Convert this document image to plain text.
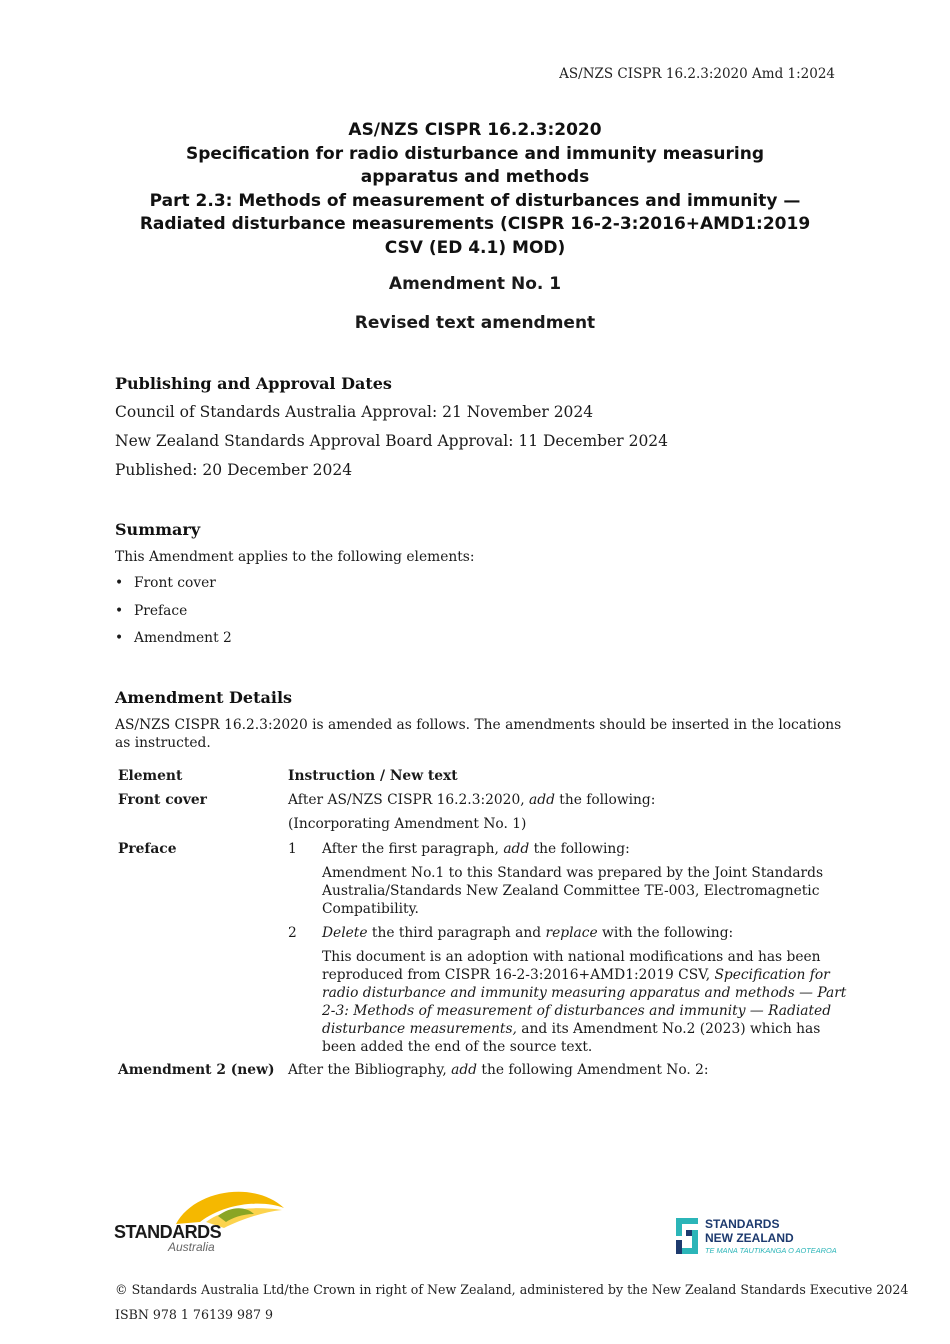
AS/NZS CISPR 16.2.3:2020 Amd 1:2024
AS/NZS CISPR 16.2.3:2020
Specification for radio disturbance and immunity measuring
apparatus and methods
Part 2.3: Methods of measurement of disturbances and immunity —
Radiated disturbance measurements (CISPR 16-2-3:2016+AMD1:2019
CSV (ED 4.1) MOD)
Amendment No. 1
Revised text amendment
Publishing and Approval Dates
Council of Standards Australia Approval: 21 November 2024
New Zealand Standards Approval Board Approval: 11 December 2024
Published: 20 December 2024
Summary
This Amendment applies to the following elements:
• Front cover
• Preface
• Amendment 2
Amendment Details
AS/NZS CISPR 16.2.3:2020 is amended as follows. The amendments should be inserted in the locations
as instructed.
Element	Instruction / New text
Front cover	After AS/NZS CISPR 16.2.3:2020, add the following:
(Incorporating Amendment No. 1)
Preface	1 After the first paragraph, add the following:
Amendment No.1 to this Standard was prepared by the Joint Standards
Australia/Standards New Zealand Committee TE-003, Electromagnetic
Compatibility.
2 Delete the third paragraph and replace with the following:
This document is an adoption with national modifications and has been
reproduced from CISPR 16-2-3:2016+AMD1:2019 CSV, Specification for
radio disturbance and immunity measuring apparatus and methods — Part
2-3: Methods of measurement of disturbances and immunity — Radiated
disturbance measurements, and its Amendment No.2 (2023) which has
been added the end of the source text.
Amendment 2 (new) After the Bibliography, add the following Amendment No. 2:
STANDARDS
Australia
STANDARDS
NEW ZEALAND
TE MANA TAUTIKANGA O AOTEAROA
© Standards Australia Ltd/the Crown in right of New Zealand, administered by the New Zealand Standards Executive 2024
ISBN 978 1 76139 987 9
